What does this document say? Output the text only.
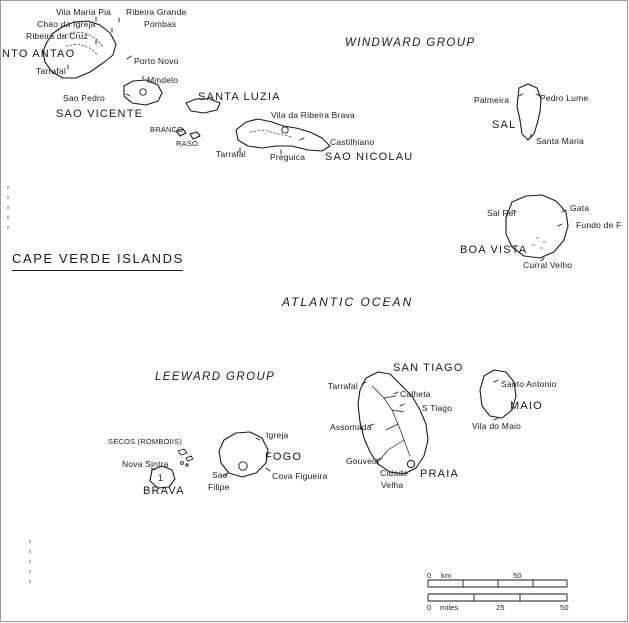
1
CAPE VERDE ISLANDS
ATLANTIC OCEAN
WINDWARD GROUP
LEEWARD GROUP
NTO ANTAO
SAO VICENTE
SANTA LUZIA
BRANCO
RASO
SAO NICOLAU
SAL
BOA VISTA
SAN TIAGO
MAIO
FOGO
BRAVA
SECOS (ROMBOIIS)
Vila Maria Pia Ribeira Grande
Chao da Igreja	Pombas
Ribeira da Cruz
Porto Novo
Tarrafal
Mindelo
Sao Pedro
Vila da Ribeira Brava
Castilhiano
Tarrafal	Preguica
Palmeira	Pedro Lume
Santa Maria
Sal Rei	Gata
Fundo de F
Curral Velho
Tarrafal
Calheta
S Tiago
Assomada
Gouveia
Cidade
Velha
PRAIA
Santo Antonio
Vila do Maio
Igreja
Nova Sintra
Sao
Filipe
Cova Figueira
km
0	50
miles
0	25	50
